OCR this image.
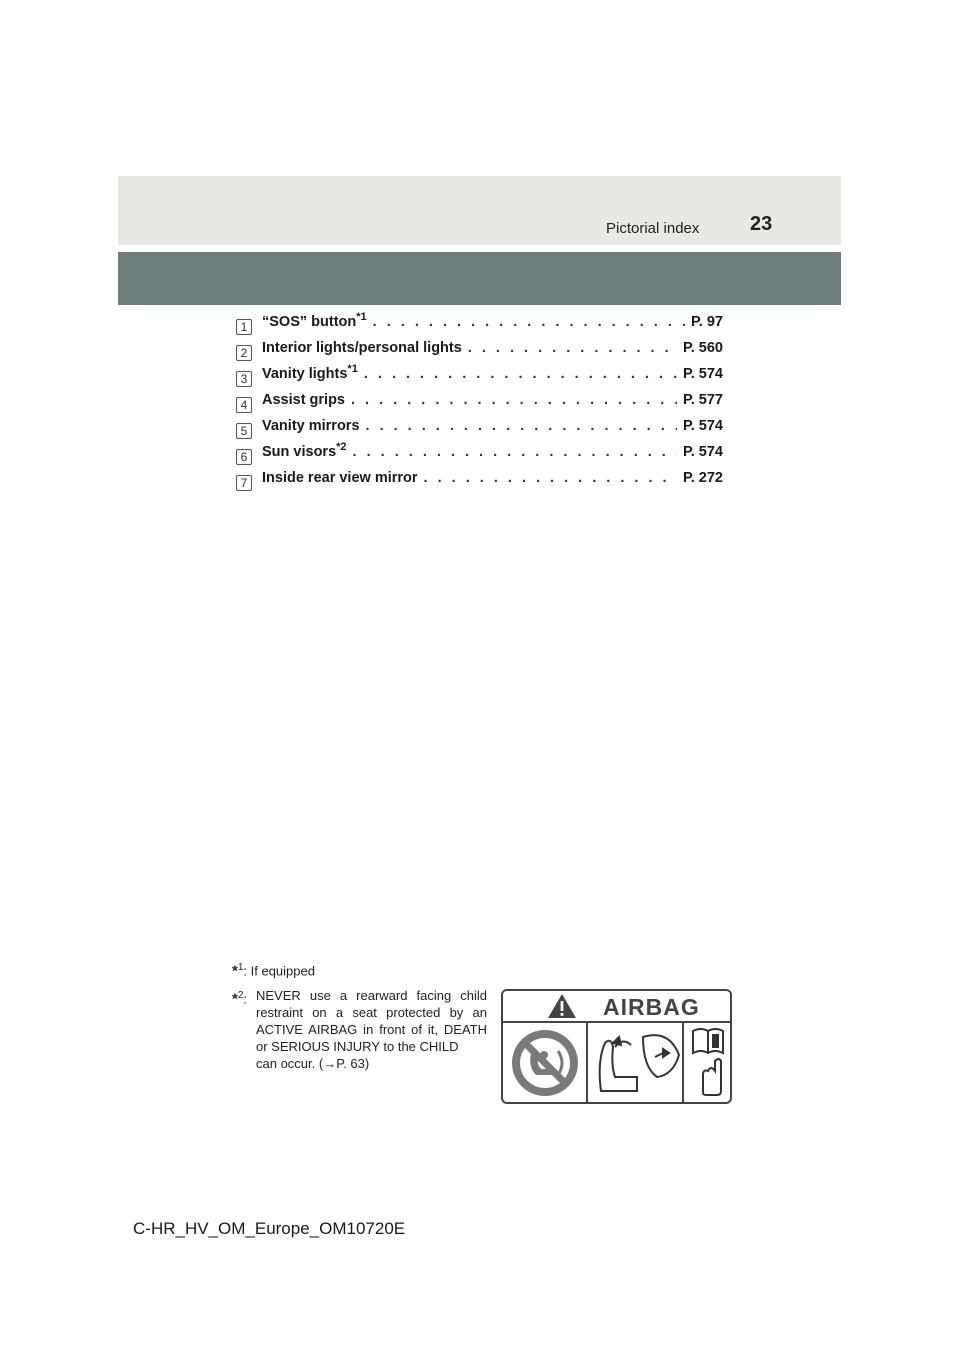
Pictorial index	23
1	“SOS” button$^{*1}$ . . .	P. 97
2	Interior lights/personal lights . . .	P. 560
3	Vanity lights$^{*1}$ . . .	P. 574
4	Assist grips . . .	P. 577
5	Vanity mirrors . . .	P. 574
6	Sun visors$^{*2}$ . . .	P. 574
7	Inside rear view mirror . . .	P. 272
*$^1$: If equipped
*$^2$: NEVER use a rearward facing child restraint on a seat protected by an ACTIVE AIRBAG in front of it, DEATH or SERIOUS INJURY to the CHILD
can occur. (→P. 63)
AIRBAG
C-HR_HV_OM_Europe_OM10720E
